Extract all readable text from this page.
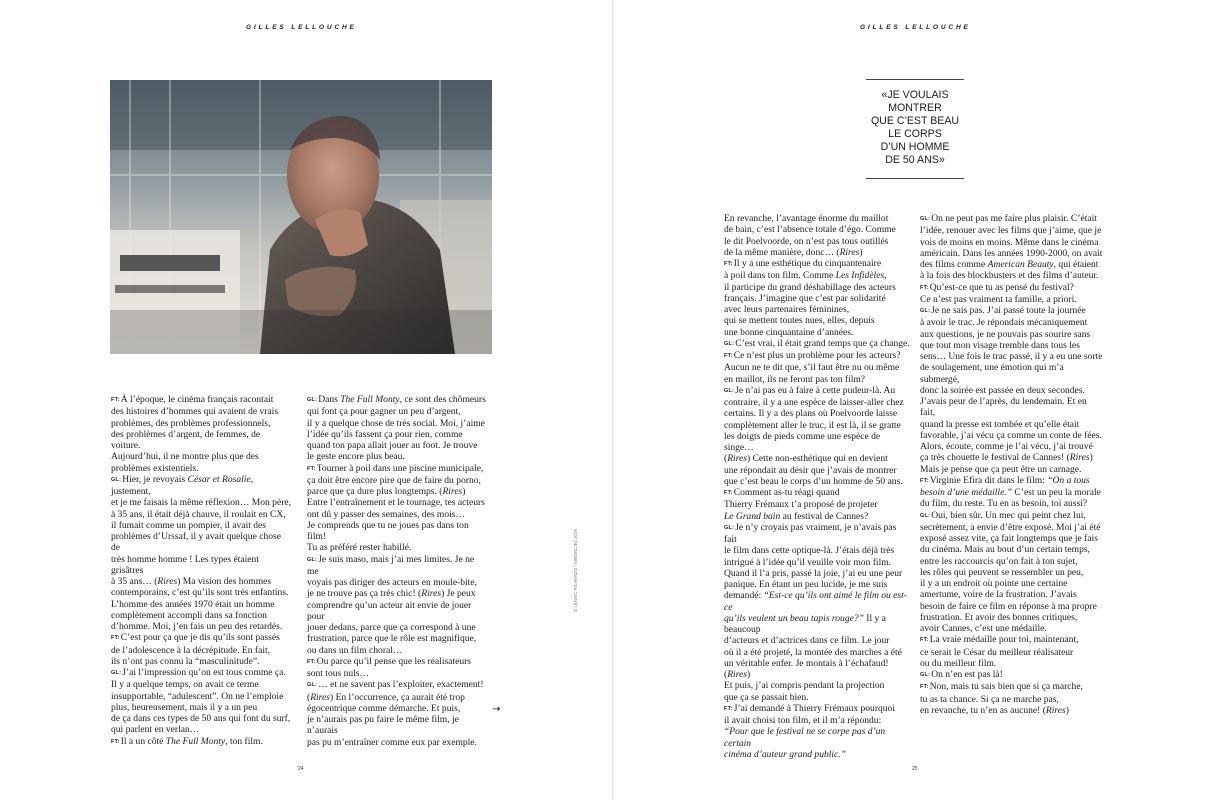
GILLES LELLOUCHE

FT : À l’époque, le cinéma français racontait
des histoires d’hommes qui avaient de vrais
problèmes, des problèmes professionnels,
des problèmes d’argent, de femmes, de voiture.
Aujourd’hui, il ne montre plus que des
problèmes existentiels.

GL : Hier, je revoyais César et Rosalie, justement,
et je me faisais la même réflexion… Mon père,
à 35 ans, il était déjà chauve, il roulait en CX,
il fumait comme un pompier, il avait des
problèmes d’Urssaf, il y avait quelque chose de
très homme homme ! Les types étaient grisâtres
à 35 ans… (Rires) Ma vision des hommes
contemporains, c’est qu’ils sont très enfantins.
L’homme des années 1970 était un homme
complètement accompli dans sa fonction
d’homme. Moi, j’en fais un peu des retardés.

FT : C’est pour ça que je dis qu’ils sont passés
de l’adolescence à la décrépitude. En fait,
ils n’ont pas connu la “masculinitude”.

GL : J’ai l’impression qu’on est tous comme ça.
Il y a quelque temps, on avait ce terme
insupportable, “adulescent”. On ne l’emploie
plus, heureusement, mais il y a un peu
de ça dans ces types de 50 ans qui font du surf,
qui parlent en verlan…

FT : Il a un côté The Full Monty, ton film.

GL : Dans The Full Monty, ce sont des chômeurs
qui font ça pour gagner un peu d’argent,
il y a quelque chose de très social. Moi, j’aime
l’idée qu’ils fassent ça pour rien, comme
quand ton papa allait jouer au foot. Je trouve
le geste encore plus beau.

FT : Tourner à poil dans une piscine municipale,
ça doit être encore pire que de faire du porno,
parce que ça dure plus longtemps. (Rires)
Entre l’entraînement et le tournage, tes acteurs
ont dû y passer des semaines, des mois…
Je comprends que tu ne joues pas dans ton film!
Tu as préféré rester habillé.

GL : Je suis maso, mais j’ai mes limites. Je ne me
voyais pas diriger des acteurs en moule-bite,
je ne trouve pas ça très chic! (Rires) Je peux
comprendre qu’un acteur ait envie de jouer pour
jouer dedans, parce que ça correspond à une
frustration, parce que le rôle est magnifique,
ou dans un film choral…

FT : Ou parce qu’il pense que les réalisateurs
sont tous nuls…

GL : … et ne savent pas l’exploiter, exactement!
(Rires) En l’occurrence, ça aurait été trop
égocentrique comme démarche. Et puis,
je n’aurais pas pu faire le même film, je n’aurais
pas pu m’entraîner comme eux par exemple.

→
24
© LÉNAIC PICHANZO / SIMONCIEL 2019
GILLES LELLOUCHE
«JE VOULAIS
MONTRER
QUE C’EST BEAU
LE CORPS
D’UN HOMME
DE 50 ANS»

En revanche, l’avantage énorme du maillot
de bain, c’est l’absence totale d’égo. Comme
le dit Poelvoorde, on n’est pas tous outillés
de la même manière, donc… (Rires)

FT : Il y a une esthétique du cinquantenaire
à poil dans ton film. Comme Les Infidèles,
il participe du grand déshabillage des acteurs
français. J’imagine que c’est par solidarité
avec leurs partenaires féminines,
qui se mettent toutes nues, elles, depuis
une bonne cinquantaine d’années.

GL : C’est vrai, il était grand temps que ça change.

FT : Ce n’est plus un problème pour les acteurs?
Aucun ne te dit que, s’il faut être nu ou même
en maillot, ils ne feront pas ton film?

GL : Je n’ai pas eu à faire à cette pudeur-là. Au
contraire, il y a une espèce de laisser-aller chez
certains. Il y a des plans où Poelvoorde laisse
complètement aller le truc, il est là, il se gratte
les doigts de pieds comme une espèce de singe…
(Rires) Cette non-esthétique qui en devient
une répondait au désir que j’avais de montrer
que c’est beau le corps d’un homme de 50 ans.

FT : Comment as-tu réagi quand
Thierry Frémaux t’a proposé de projeter
Le Grand bain au festival de Cannes?

GL : Je n’y croyais pas vraiment, je n’avais pas fait
le film dans cette optique-là. J’étais déjà très
intrigué à l’idée qu’il veuille voir mon film.
Quand il l’a pris, passé la joie, j’ai eu une peur
panique. En étant un peu lucide, je me suis
demandé: “Est-ce qu’ils ont aimé le film ou est-ce
qu’ils veulent un beau tapis rouge?” Il y a beaucoup
d’acteurs et d’actrices dans ce film. Le jour
où il a été projeté, la montée des marches a été
un véritable enfer. Je montais à l’échafaud! (Rires)
Et puis, j’ai compris pendant la projection
que ça se passait bien.

FT : J’ai demandé à Thierry Frémaux pourquoi
il avait choisi ton film, et il m’a répondu:
“Pour que le festival ne se corpe pas d’un certain
cinéma d’auteur grand public.”

GL : On ne peut pas me faire plus plaisir. C’était
l’idée, renouer avec les films que j’aime, que je
vois de moins en moins. Même dans le cinéma
américain. Dans les années 1990-2000, on avait
des films comme American Beauty, qui étaient
à la fois des blockbusters et des films d’auteur.

FT : Qu’est-ce que tu as pensé du festival?
Ce n’est pas vraiment ta famille, a priori.

GL : Je ne sais pas. J’ai passé toute la journée
à avoir le trac. Je répondais mécaniquement
aux questions, je ne pouvais pas sourire sans
que tout mon visage tremble dans tous les
sens… Une fois le trac passé, il y a eu une sorte
de soulagement, une émotion qui m’a submergé,
donc la soirée est passée en deux secondes.
J’avais peur de l’après, du lendemain. Et en fait,
quand la presse est tombée et qu’elle était
favorable, j’ai vécu ça comme un conte de fées.
Alors, écoute, comme je l’ai vécu, j’ai trouvé
ça très chouette le festival de Cannes! (Rires)
Mais je pense que ça peut être un carnage.

FT : Virginie Efira dit dans le film: “On a tous
besoin d’une médaille.” C’est un peu la morale
du film, du reste. Tu en as besoin, toi aussi?

GL : Oui, bien sûr. Un mec qui peint chez lui,
secrètement, a envie d’être exposé. Moi j’ai été
exposé assez vite, ça fait longtemps que je fais
du cinéma. Mais au bout d’un certain temps,
entre les raccourcis qu’on fait à ton sujet,
les rôles qui peuvent se ressembler un peu,
il y a un endroit où pointe une certaine
amertume, voire de la frustration. J’avais
besoin de faire ce film en réponse à ma propre
frustration. Et avoir des bonnes critiques,
avoir Cannes, c’est une médaille.

FT : La vraie médaille pour toi, maintenant,
ce serait le César du meilleur réalisateur
ou du meilleur film.

GL : On n’en est pas là!

FT : Non, mais tu sais bien que si ça marche,
tu as ta chance. Si ça ne marche pas,
en revanche, tu n’en as aucune! (Rires)

25
